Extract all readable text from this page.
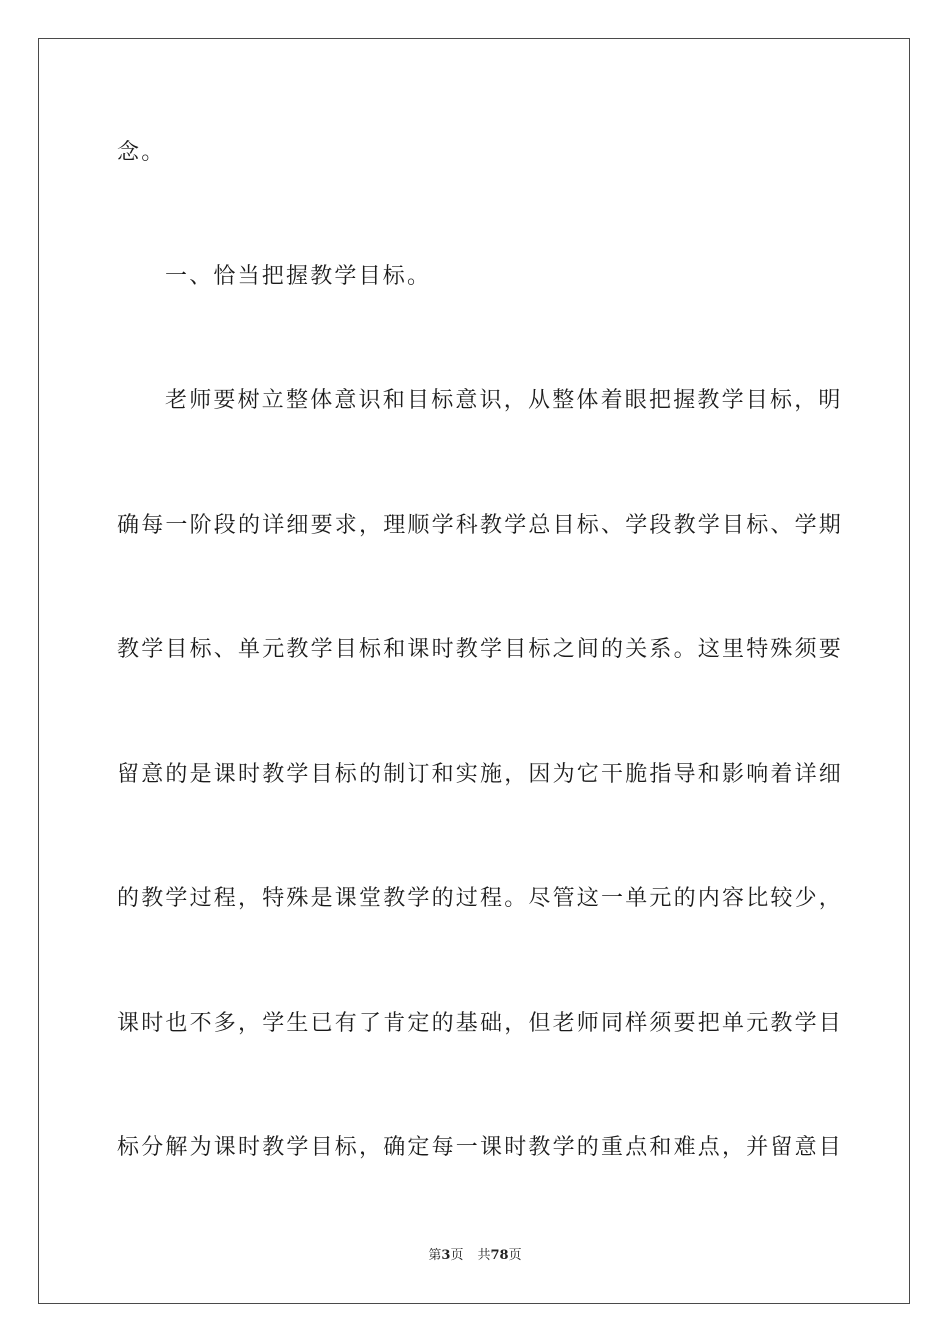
念。
一、恰当把握教学目标。
老师要树立整体意识和目标意识，从整体着眼把握教学目标，明
确每一阶段的详细要求，理顺学科教学总目标、学段教学目标、学期
教学目标、单元教学目标和课时教学目标之间的关系。这里特殊须要
留意的是课时教学目标的制订和实施，因为它干脆指导和影响着详细
的教学过程，特殊是课堂教学的过程。尽管这一单元的内容比较少，
课时也不多，学生已有了肯定的基础，但老师同样须要把单元教学目
标分解为课时教学目标，确定每一课时教学的重点和难点，并留意目
第3页 共78页
